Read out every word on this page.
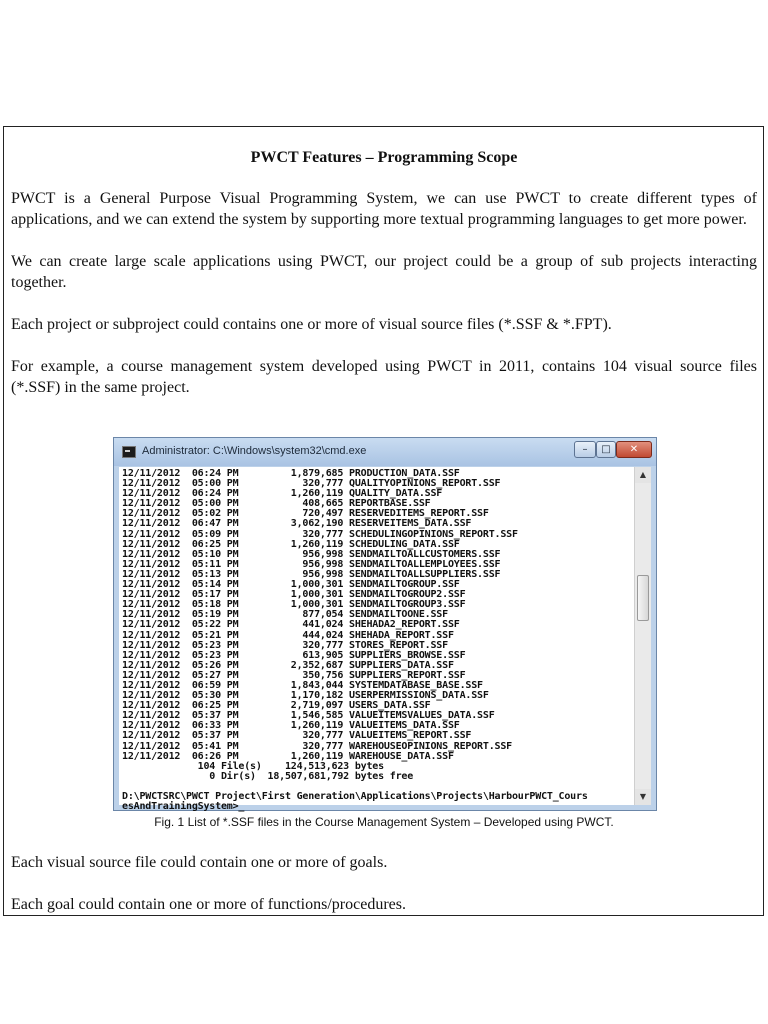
PWCT Features – Programming Scope

PWCT is a General Purpose Visual Programming System, we can use PWCT to create different types of applications, and we can extend the system by supporting more textual programming languages to get more power.

We can create large scale applications using PWCT, our project could be a group of sub projects interacting together.

Each project or subproject could contains one or more of visual source files (*.SSF & *.FPT).

For example, a course management system developed using PWCT in 2011, contains 104 visual source files (*.SSF) in the same project.

Administrator: C:\Windows\system32\cmd.exe	–	□	✕
12/11/2012  06:24 PM         1,879,685 PRODUCTION_DATA.SSF
12/11/2012  05:00 PM           320,777 QUALITYOPINIONS_REPORT.SSF
12/11/2012  06:24 PM         1,260,119 QUALITY_DATA.SSF
12/11/2012  05:00 PM           408,665 REPORTBASE.SSF
12/11/2012  05:02 PM           720,497 RESERVEDITEMS_REPORT.SSF
12/11/2012  06:47 PM         3,062,190 RESERVEITEMS_DATA.SSF
12/11/2012  05:09 PM           320,777 SCHEDULINGOPINIONS_REPORT.SSF
12/11/2012  06:25 PM         1,260,119 SCHEDULING_DATA.SSF
12/11/2012  05:10 PM           956,998 SENDMAILTOALLCUSTOMERS.SSF
12/11/2012  05:11 PM           956,998 SENDMAILTOALLEMPLOYEES.SSF
12/11/2012  05:13 PM           956,998 SENDMAILTOALLSUPPLIERS.SSF
12/11/2012  05:14 PM         1,000,301 SENDMAILTOGROUP.SSF
12/11/2012  05:17 PM         1,000,301 SENDMAILTOGROUP2.SSF
12/11/2012  05:18 PM         1,000,301 SENDMAILTOGROUP3.SSF
12/11/2012  05:19 PM           877,054 SENDMAILTOONE.SSF
12/11/2012  05:22 PM           441,024 SHEHADA2_REPORT.SSF
12/11/2012  05:21 PM           444,024 SHEHADA_REPORT.SSF
12/11/2012  05:23 PM           320,777 STORES_REPORT.SSF
12/11/2012  05:23 PM           613,905 SUPPLIERS_BROWSE.SSF
12/11/2012  05:26 PM         2,352,687 SUPPLIERS_DATA.SSF
12/11/2012  05:27 PM           350,756 SUPPLIERS_REPORT.SSF
12/11/2012  06:59 PM         1,843,044 SYSTEMDATABASE_BASE.SSF
12/11/2012  05:30 PM         1,170,182 USERPERMISSIONS_DATA.SSF
12/11/2012  06:25 PM         2,719,097 USERS_DATA.SSF
12/11/2012  05:37 PM         1,546,585 VALUEITEMSVALUES_DATA.SSF
12/11/2012  06:33 PM         1,260,119 VALUEITEMS_DATA.SSF
12/11/2012  05:37 PM           320,777 VALUEITEMS_REPORT.SSF
12/11/2012  05:41 PM           320,777 WAREHOUSEOPINIONS_REPORT.SSF
12/11/2012  06:26 PM         1,260,119 WAREHOUSE_DATA.SSF
104 File(s)    124,513,623 bytes
0 Dir(s)  18,507,681,792 bytes free

D:\PWCTSRC\PWCT Project\First Generation\Applications\Projects\HarbourPWCT_Cours
esAndTrainingSystem>_
▲
▼
Fig. 1 List of *.SSF files in the Course Management System – Developed using PWCT.

Each visual source file could contain one or more of goals.

Each goal could contain one or more of functions/procedures.
